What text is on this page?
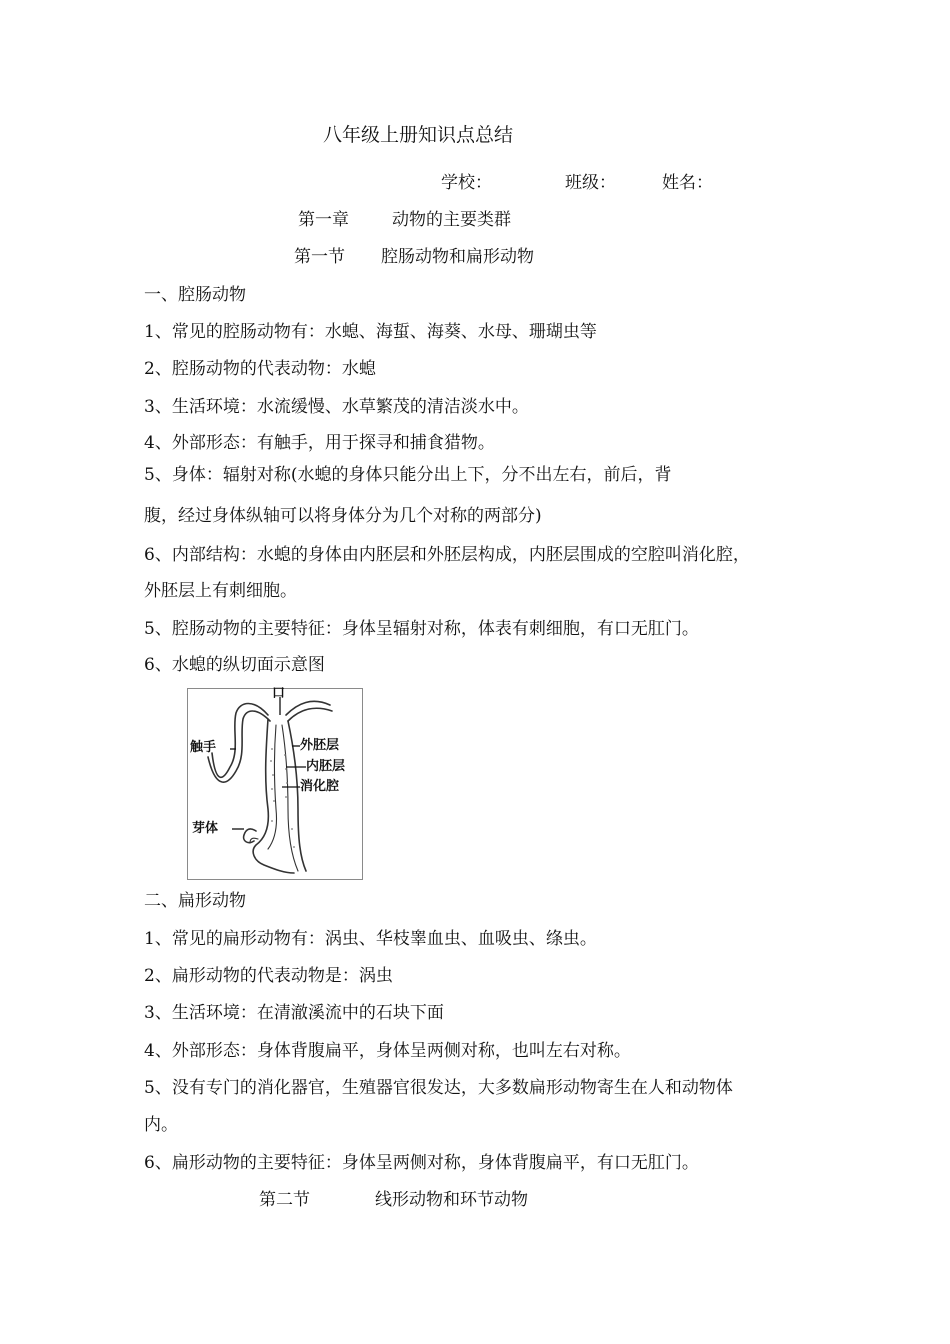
八年级上册知识点总结
学校：	班级：	姓名：
第一章	动物的主要类群
第一节 腔肠动物和扁形动物
一、腔肠动物
1、常见的腔肠动物有：水螅、海蜇、海葵、水母、珊瑚虫等
2、腔肠动物的代表动物：水螅
3、生活环境：水流缓慢、水草繁茂的清洁淡水中。
4、外部形态：有触手，用于探寻和捕食猎物。
5、身体：辐射对称(水螅的身体只能分出上下，分不出左右，前后，背
腹，经过身体纵轴可以将身体分为几个对称的两部分)
6、内部结构：水螅的身体由内胚层和外胚层构成，内胚层围成的空腔叫消化腔，
外胚层上有刺细胞。
5、腔肠动物的主要特征：身体呈辐射对称，体表有刺细胞，有口无肛门。
6、水螅的纵切面示意图
口
触手	外胚层
内胚层
消化腔
芽体
二、扁形动物
1、常见的扁形动物有：涡虫、华枝睾血虫、血吸虫、绦虫。
2、扁形动物的代表动物是：涡虫
3、生活环境：在清澈溪流中的石块下面
4、外部形态：身体背腹扁平，身体呈两侧对称，也叫左右对称。
5、没有专门的消化器官，生殖器官很发达，大多数扁形动物寄生在人和动物体
内。
6、扁形动物的主要特征：身体呈两侧对称，身体背腹扁平，有口无肛门。
第二节	线形动物和环节动物
